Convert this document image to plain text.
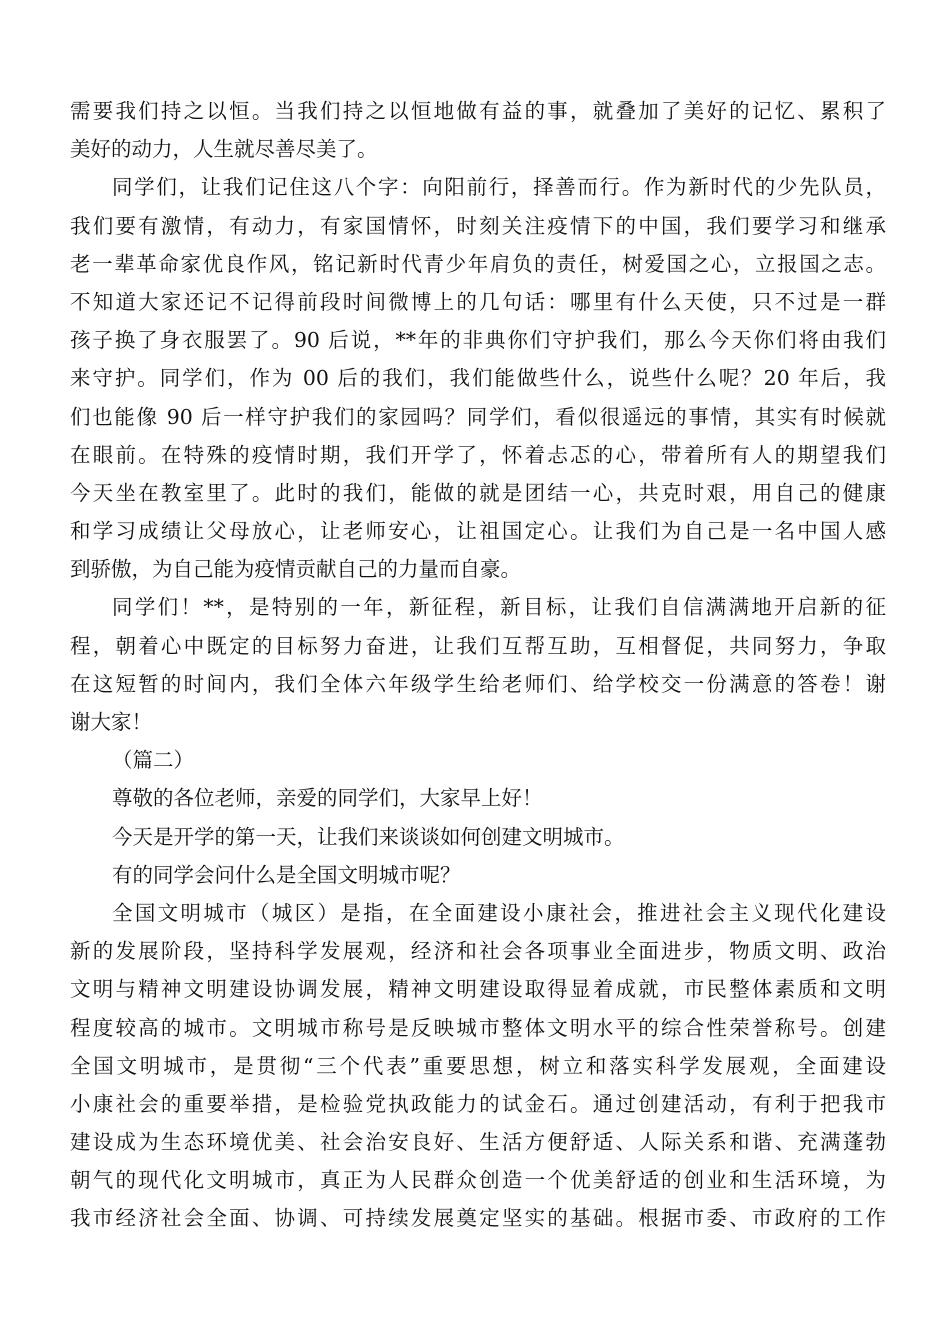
需要我们持之以恒。当我们持之以恒地做有益的事，就叠加了美好的记忆、累积了
美好的动力，人生就尽善尽美了。
同学们，让我们记住这八个字：向阳前行，择善而行。作为新时代的少先队员，
我们要有激情，有动力，有家国情怀，时刻关注疫情下的中国，我们要学习和继承
老一辈革命家优良作风，铭记新时代青少年肩负的责任，树爱国之心，立报国之志。
不知道大家还记不记得前段时间微博上的几句话：哪里有什么天使，只不过是一群
孩子换了身衣服罢了。90 后说，**年的非典你们守护我们，那么今天你们将由我们
来守护。同学们，作为 00 后的我们，我们能做些什么，说些什么呢？20 年后，我
们也能像 90 后一样守护我们的家园吗？同学们，看似很遥远的事情，其实有时候就
在眼前。在特殊的疫情时期，我们开学了，怀着忐忑的心，带着所有人的期望我们
今天坐在教室里了。此时的我们，能做的就是团结一心，共克时艰，用自己的健康
和学习成绩让父母放心，让老师安心，让祖国定心。让我们为自己是一名中国人感
到骄傲，为自己能为疫情贡献自己的力量而自豪。
同学们！**，是特别的一年，新征程，新目标，让我们自信满满地开启新的征
程，朝着心中既定的目标努力奋进，让我们互帮互助，互相督促，共同努力，争取
在这短暂的时间内，我们全体六年级学生给老师们、给学校交一份满意的答卷！谢
谢大家！
（篇二）
尊敬的各位老师，亲爱的同学们，大家早上好！
今天是开学的第一天，让我们来谈谈如何创建文明城市。
有的同学会问什么是全国文明城市呢？
全国文明城市（城区）是指，在全面建设小康社会，推进社会主义现代化建设
新的发展阶段，坚持科学发展观，经济和社会各项事业全面进步，物质文明、政治
文明与精神文明建设协调发展，精神文明建设取得显着成就，市民整体素质和文明
程度较高的城市。文明城市称号是反映城市整体文明水平的综合性荣誉称号。创建
全国文明城市，是贯彻“三个代表”重要思想，树立和落实科学发展观，全面建设
小康社会的重要举措，是检验党执政能力的试金石。通过创建活动，有利于把我市
建设成为生态环境优美、社会治安良好、生活方便舒适、人际关系和谐、充满蓬勃
朝气的现代化文明城市，真正为人民群众创造一个优美舒适的创业和生活环境，为
我市经济社会全面、协调、可持续发展奠定坚实的基础。根据市委、市政府的工作
